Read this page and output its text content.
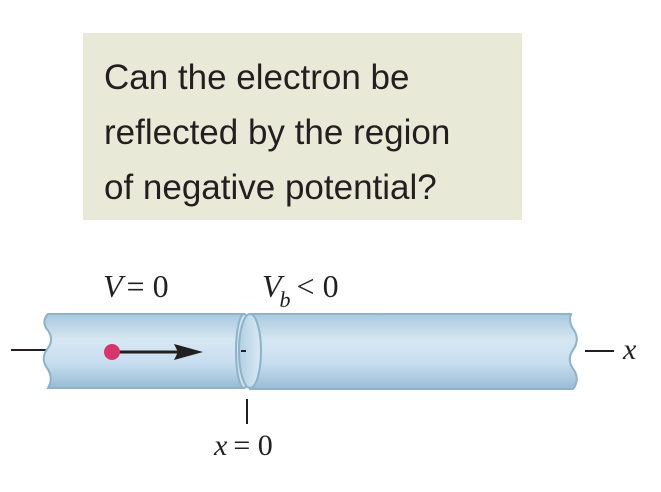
Can the electron be
reflected by the region
of negative potential?
V = 0	Vb < 0
x
x = 0
